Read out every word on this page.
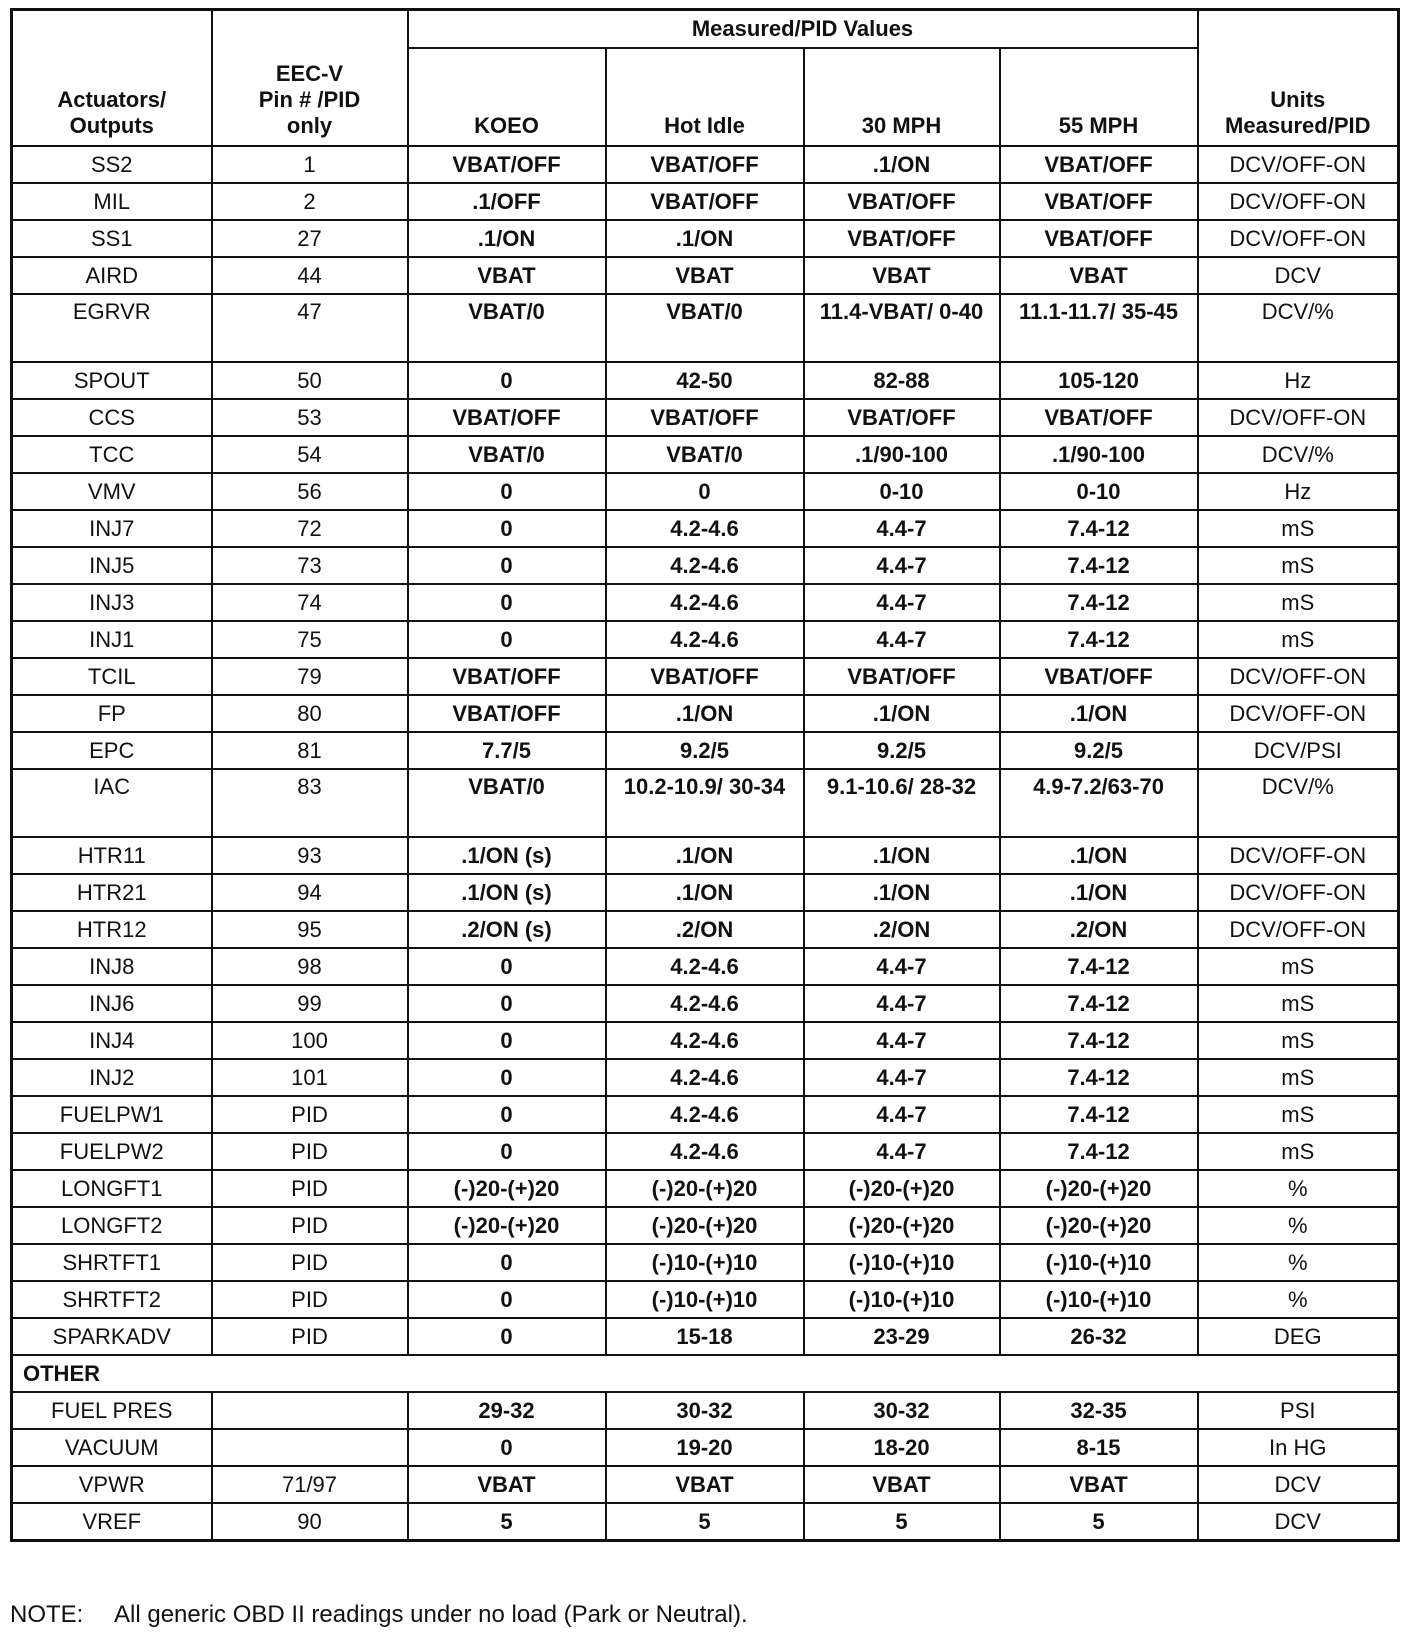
Actuators/
Outputs	EEC-V
Pin # /PID
only	Measured/PID Values				Units
Measured/PID

		KOEO	Hot Idle	30 MPH	55 MPH	
SS2	1	VBAT/OFF	VBAT/OFF	.1/ON	VBAT/OFF	DCV/OFF-ON
MIL	2	.1/OFF	VBAT/OFF	VBAT/OFF	VBAT/OFF	DCV/OFF-ON
SS1	27	.1/ON	.1/ON	VBAT/OFF	VBAT/OFF	DCV/OFF-ON
AIRD	44	VBAT	VBAT	VBAT	VBAT	DCV
EGRVR	47	VBAT/0	VBAT/0	11.4-VBAT/ 0-40	11.1-11.7/ 35-45	DCV/%
SPOUT	50	0	42-50	82-88	105-120	Hz
CCS	53	VBAT/OFF	VBAT/OFF	VBAT/OFF	VBAT/OFF	DCV/OFF-ON
TCC	54	VBAT/0	VBAT/0	.1/90-100	.1/90-100	DCV/%
VMV	56	0	0	0-10	0-10	Hz
INJ7	72	0	4.2-4.6	4.4-7	7.4-12	mS
INJ5	73	0	4.2-4.6	4.4-7	7.4-12	mS
INJ3	74	0	4.2-4.6	4.4-7	7.4-12	mS
INJ1	75	0	4.2-4.6	4.4-7	7.4-12	mS
TCIL	79	VBAT/OFF	VBAT/OFF	VBAT/OFF	VBAT/OFF	DCV/OFF-ON
FP	80	VBAT/OFF	.1/ON	.1/ON	.1/ON	DCV/OFF-ON
EPC	81	7.7/5	9.2/5	9.2/5	9.2/5	DCV/PSI
IAC	83	VBAT/0	10.2-10.9/ 30-34	9.1-10.6/ 28-32	4.9-7.2/63-70	DCV/%
HTR11	93	.1/ON (s)	.1/ON	.1/ON	.1/ON	DCV/OFF-ON
HTR21	94	.1/ON (s)	.1/ON	.1/ON	.1/ON	DCV/OFF-ON
HTR12	95	.2/ON (s)	.2/ON	.2/ON	.2/ON	DCV/OFF-ON
INJ8	98	0	4.2-4.6	4.4-7	7.4-12	mS
INJ6	99	0	4.2-4.6	4.4-7	7.4-12	mS
INJ4	100	0	4.2-4.6	4.4-7	7.4-12	mS
INJ2	101	0	4.2-4.6	4.4-7	7.4-12	mS
FUELPW1	PID	0	4.2-4.6	4.4-7	7.4-12	mS
FUELPW2	PID	0	4.2-4.6	4.4-7	7.4-12	mS
LONGFT1	PID	(-)20-(+)20	(-)20-(+)20	(-)20-(+)20	(-)20-(+)20	%
LONGFT2	PID	(-)20-(+)20	(-)20-(+)20	(-)20-(+)20	(-)20-(+)20	%
SHRTFT1	PID	0	(-)10-(+)10	(-)10-(+)10	(-)10-(+)10	%
SHRTFT2	PID	0	(-)10-(+)10	(-)10-(+)10	(-)10-(+)10	%
SPARKADV	PID	0	15-18	23-29	26-32	DEG
OTHER						
FUEL PRES		29-32	30-32	30-32	32-35	PSI
VACUUM		0	19-20	18-20	8-15	In HG
VPWR	71/97	VBAT	VBAT	VBAT	VBAT	DCV
VREF	90	5	5	5	5	DCV
NOTE: All generic OBD II readings under no load (Park or Neutral).
